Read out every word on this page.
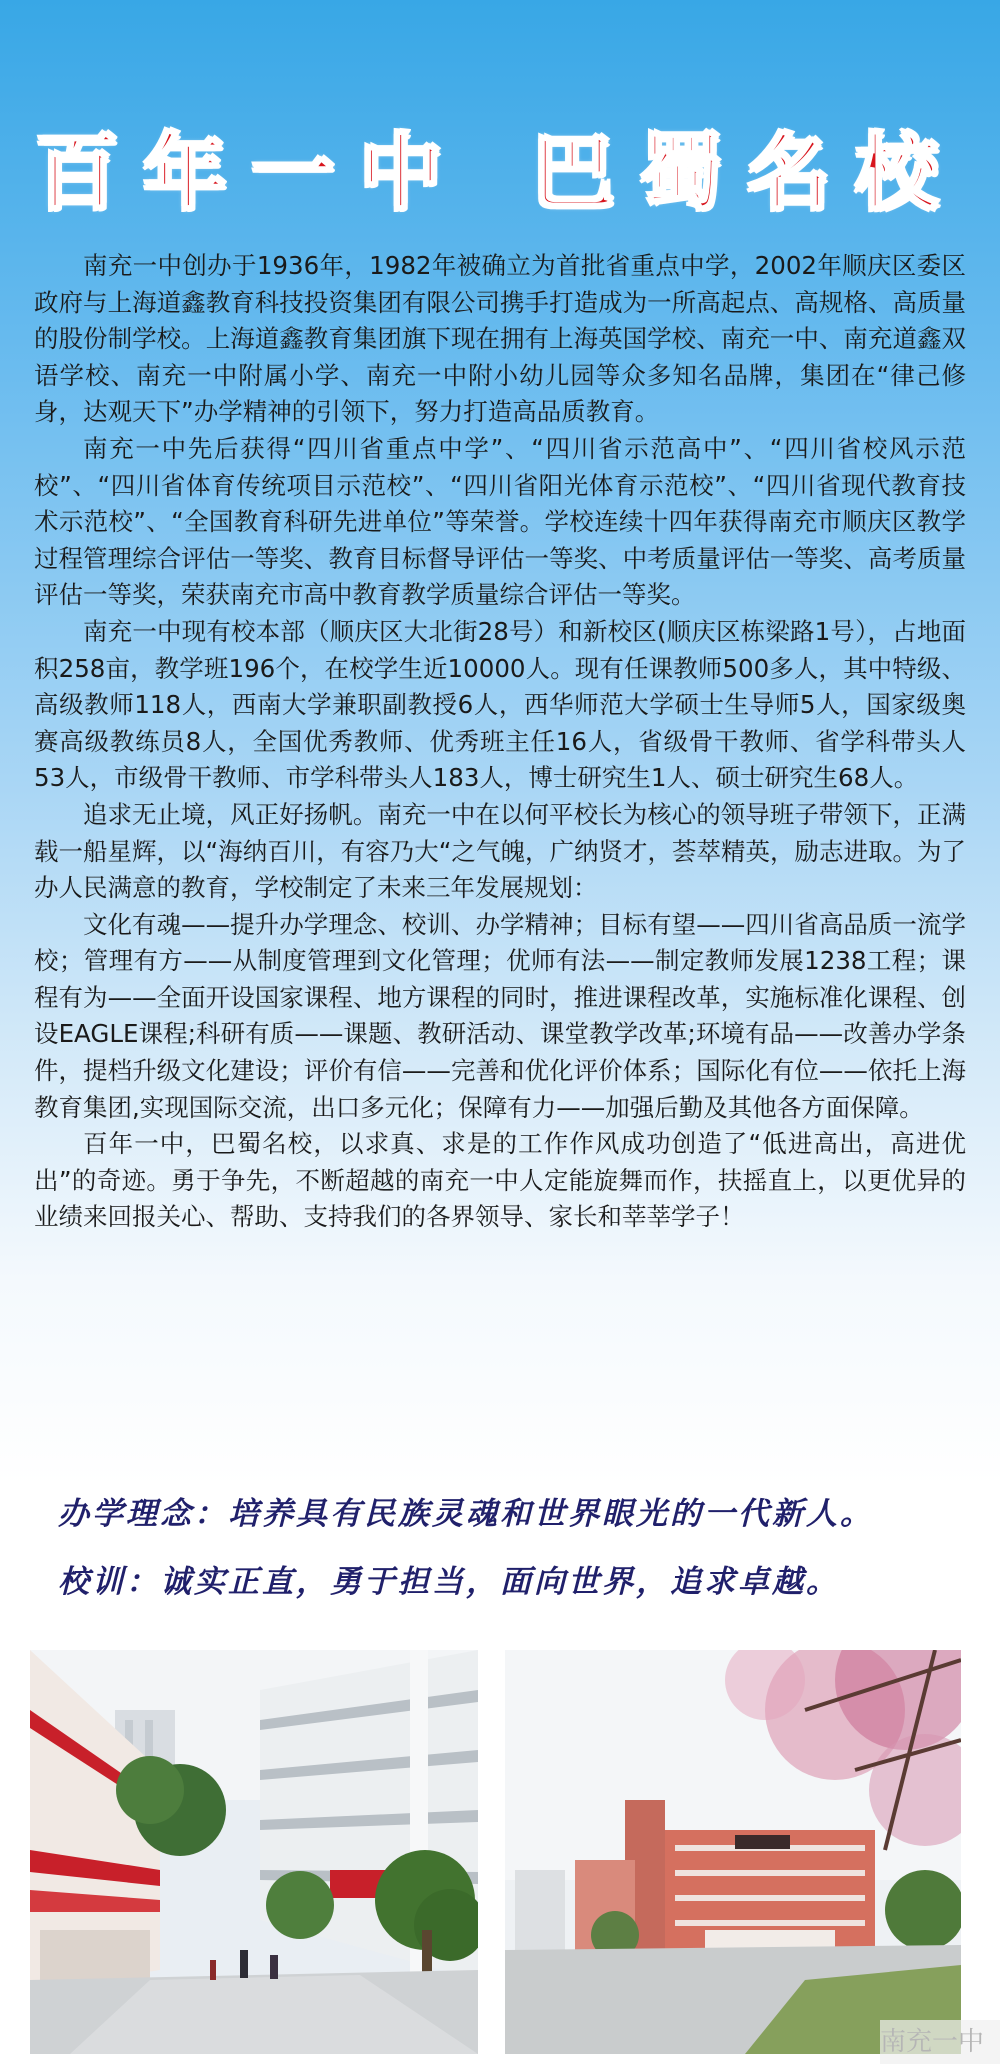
百年一中 巴蜀名校

南充一中创办于1936年，1982年被确立为首批省重点中学，2002年顺庆区委区政府与上海道鑫教育科技投资集团有限公司携手打造成为一所高起点、高规格、高质量的股份制学校。上海道鑫教育集团旗下现在拥有上海英国学校、南充一中、南充道鑫双语学校、南充一中附属小学、南充一中附小幼儿园等众多知名品牌，集团在“律己修身，达观天下”办学精神的引领下，努力打造高品质教育。

南充一中先后获得“四川省重点中学”、“四川省示范高中”、“四川省校风示范校”、“四川省体育传统项目示范校”、“四川省阳光体育示范校”、“四川省现代教育技术示范校”、“全国教育科研先进单位”等荣誉。学校连续十四年获得南充市顺庆区教学过程管理综合评估一等奖、教育目标督导评估一等奖、中考质量评估一等奖、高考质量评估一等奖，荣获南充市高中教育教学质量综合评估一等奖。

南充一中现有校本部（顺庆区大北街28号）和新校区(顺庆区栋梁路1号），占地面积258亩，教学班196个，在校学生近10000人。现有任课教师500多人，其中特级、高级教师118人，西南大学兼职副教授6人，西华师范大学硕士生导师5人，国家级奥赛高级教练员8人，全国优秀教师、优秀班主任16人，省级骨干教师、省学科带头人53人，市级骨干教师、市学科带头人183人，博士研究生1人、硕士研究生68人。

追求无止境，风正好扬帆。南充一中在以何平校长为核心的领导班子带领下，正满载一船星辉，以“海纳百川，有容乃大“之气魄，广纳贤才，荟萃精英，励志进取。为了办人民满意的教育，学校制定了未来三年发展规划：

文化有魂——提升办学理念、校训、办学精神；目标有望——四川省高品质一流学校；管理有方——从制度管理到文化管理；优师有法——制定教师发展1238工程；课程有为——全面开设国家课程、地方课程的同时，推进课程改革，实施标准化课程、创设EAGLE课程;科研有质——课题、教研活动、课堂教学改革;环境有品——改善办学条件，提档升级文化建设；评价有信——完善和优化评价体系；国际化有位——依托上海教育集团,实现国际交流，出口多元化；保障有力——加强后勤及其他各方面保障。

百年一中，巴蜀名校，以求真、求是的工作作风成功创造了“低进高出，高进优出”的奇迹。勇于争先，不断超越的南充一中人定能旋舞而作，扶摇直上，以更优异的业绩来回报关心、帮助、支持我们的各界领导、家长和莘莘学子！

办学理念：培养具有民族灵魂和世界眼光的一代新人。
校训：诚实正直，勇于担当，面向世界，追求卓越。
南充一中
